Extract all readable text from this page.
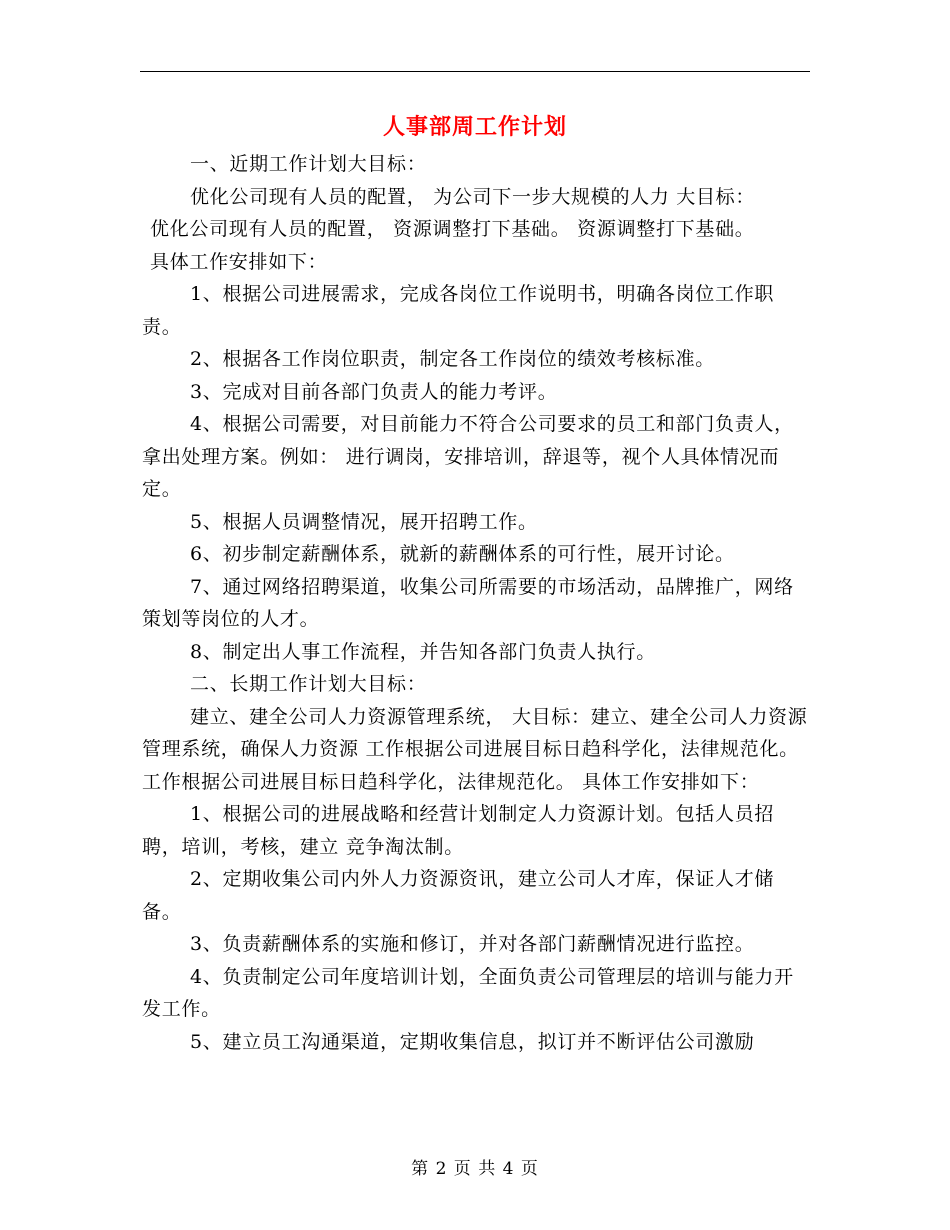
人事部周工作计划

一、近期工作计划大目标：

优化公司现有人员的配置， 为公司下一步大规模的人力 大目标：

优化公司现有人员的配置， 资源调整打下基础。 资源调整打下基础。

具体工作安排如下：

1、根据公司进展需求，完成各岗位工作说明书，明确各岗位工作职责。

2、根据各工作岗位职责，制定各工作岗位的绩效考核标准。

3、完成对目前各部门负责人的能力考评。

4、根据公司需要，对目前能力不符合公司要求的员工和部门负责人，拿出处理方案。例如： 进行调岗，安排培训，辞退等，视个人具体情况而定。

5、根据人员调整情况，展开招聘工作。

6、初步制定薪酬体系，就新的薪酬体系的可行性，展开讨论。

7、通过网络招聘渠道，收集公司所需要的市场活动，品牌推广，网络策划等岗位的人才。

8、制定出人事工作流程，并告知各部门负责人执行。

二、长期工作计划大目标：

建立、建全公司人力资源管理系统， 大目标：建立、建全公司人力资源管理系统，确保人力资源 工作根据公司进展目标日趋科学化，法律规范化。 工作根据公司进展目标日趋科学化，法律规范化。 具体工作安排如下：

1、根据公司的进展战略和经营计划制定人力资源计划。包括人员招聘，培训，考核，建立 竞争淘汰制。

2、定期收集公司内外人力资源资讯，建立公司人才库，保证人才储备。

3、负责薪酬体系的实施和修订，并对各部门薪酬情况进行监控。

4、负责制定公司年度培训计划，全面负责公司管理层的培训与能力开发工作。

5、建立员工沟通渠道，定期收集信息，拟订并不断评估公司激励

第 2 页 共 4 页
